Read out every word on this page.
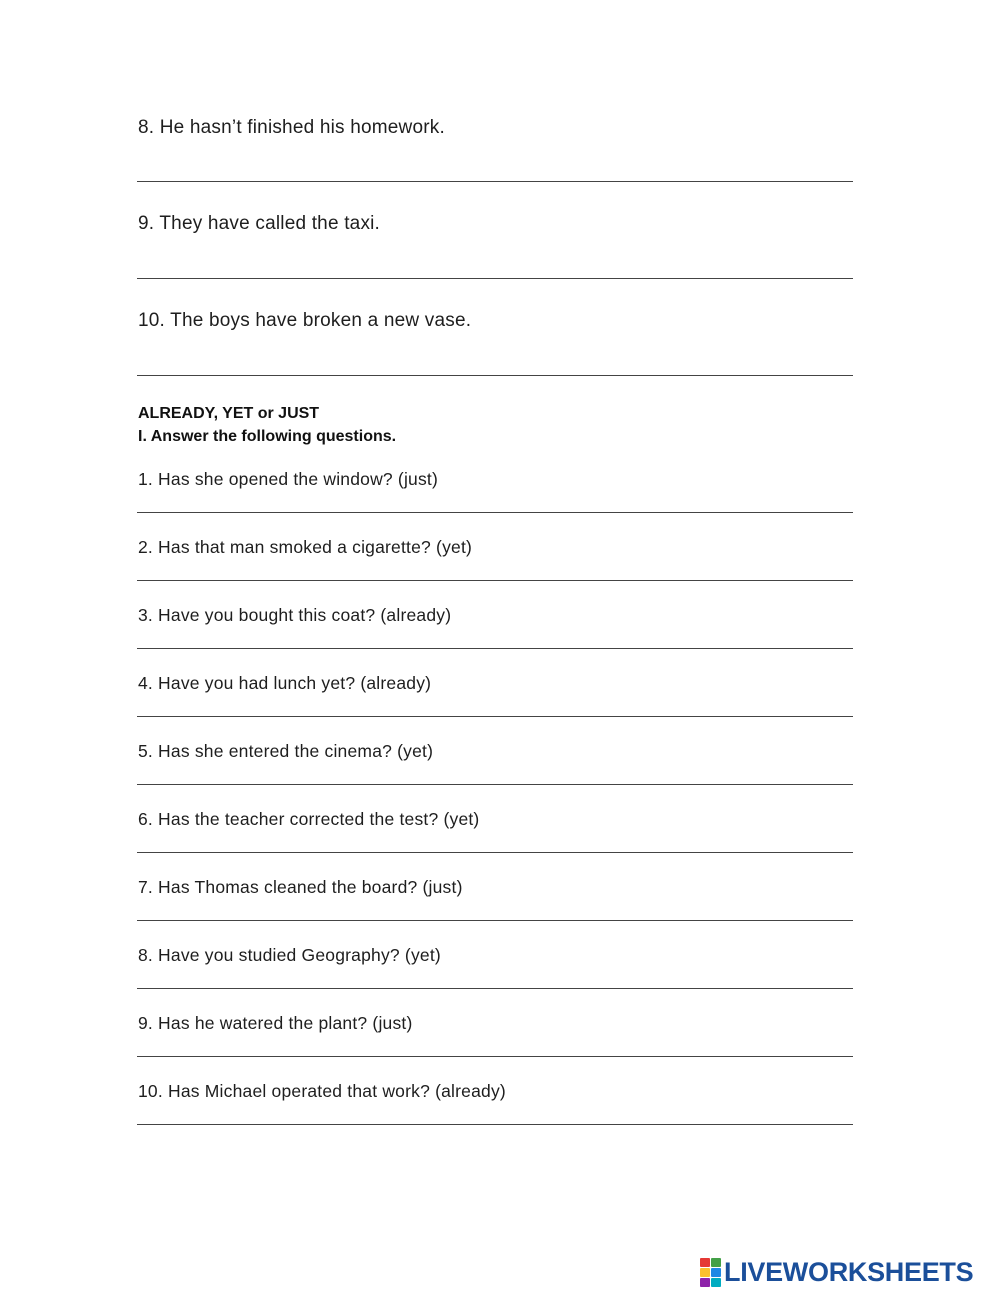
8. He hasn’t finished his homework.
9. They have called the taxi.
10. The boys have broken a new vase.
ALREADY, YET or JUST
I. Answer the following questions.
1. Has she opened the window? (just)
2. Has that man smoked a cigarette? (yet)
3. Have you bought this coat? (already)
4. Have you had lunch yet? (already)
5. Has she entered the cinema? (yet)
6. Has the teacher corrected the test? (yet)
7. Has Thomas cleaned the board? (just)
8. Have you studied Geography? (yet)
9. Has he watered the plant? (just)
10. Has Michael operated that work? (already)
LIVEWORKSHEETS
